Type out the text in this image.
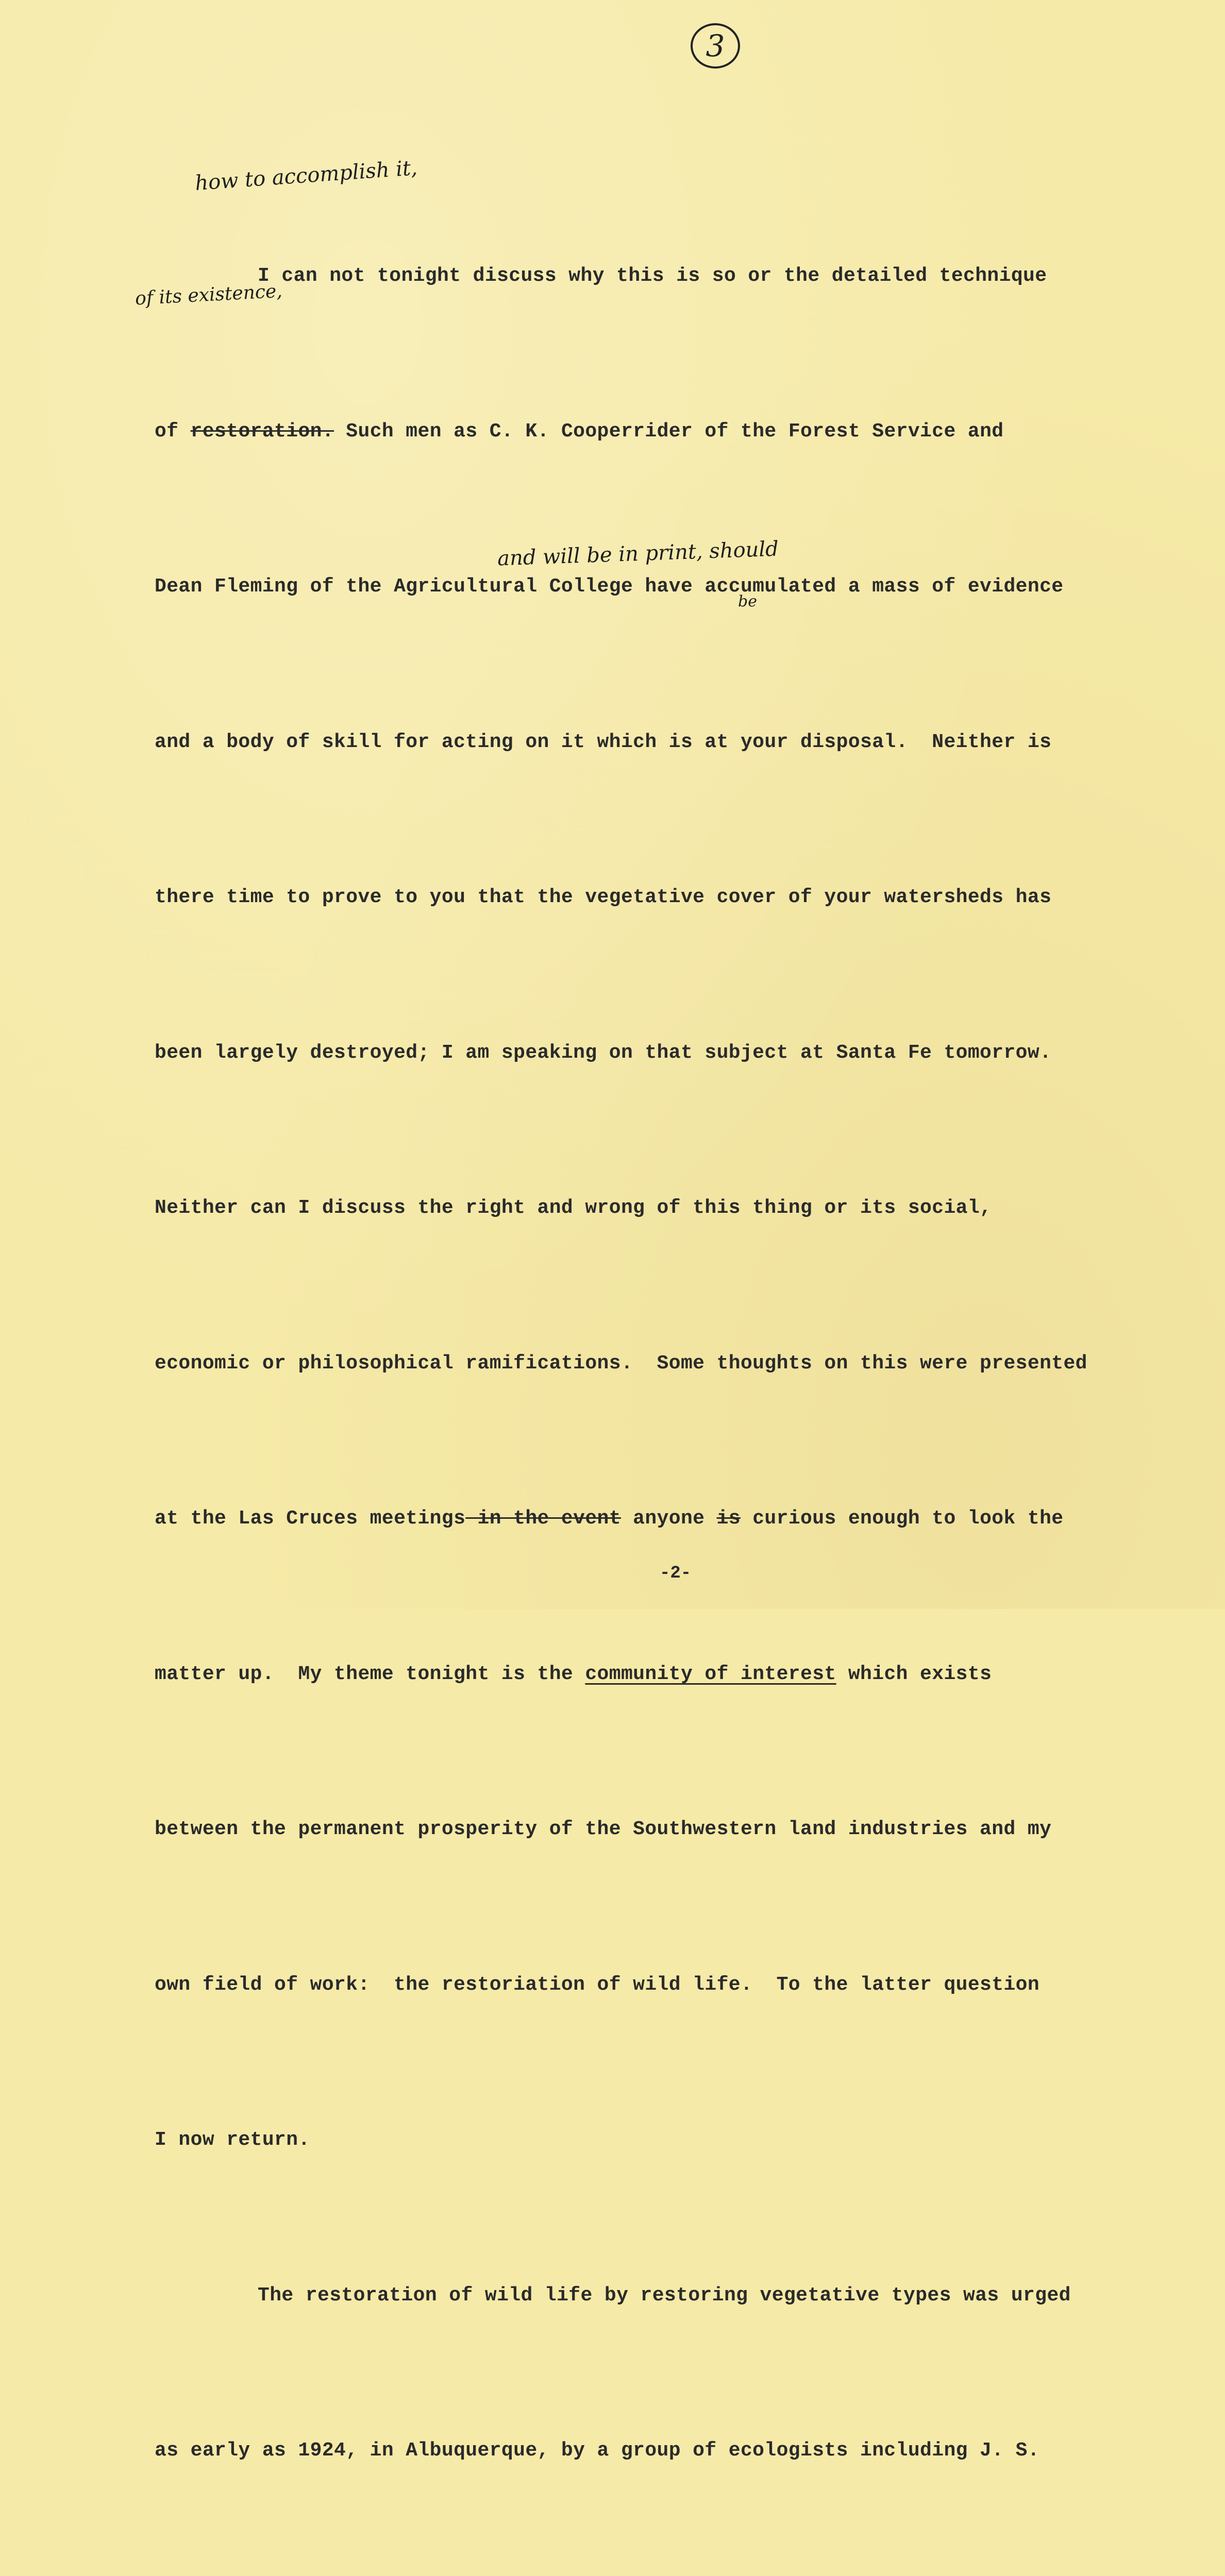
3
how to accomplish it,
of its existence,
and will be in print, should
be

I can not tonight discuss why this is so or the detailed technique

of restoration. Such men as C. K. Cooperrider of the Forest Service and

Dean Fleming of the Agricultural College have accumulated a mass of evidence

and a body of skill for acting on it which is at your disposal.  Neither is

there time to prove to you that the vegetative cover of your watersheds has

been largely destroyed; I am speaking on that subject at Santa Fe tomorrow.

Neither can I discuss the right and wrong of this thing or its social,

economic or philosophical ramifications.  Some thoughts on this were presented

at the Las Cruces meetings in the event anyone is curious enough to look the

matter up.  My theme tonight is the community of interest which exists

between the permanent prosperity of the Southwestern land industries and my

own field of work:  the restoriation of wild life.  To the latter question

I now return.

The restoration of wild life by restoring vegetative types was urged

as early as 1924, in Albuquerque, by a group of ecologists including J. S.

-2-
